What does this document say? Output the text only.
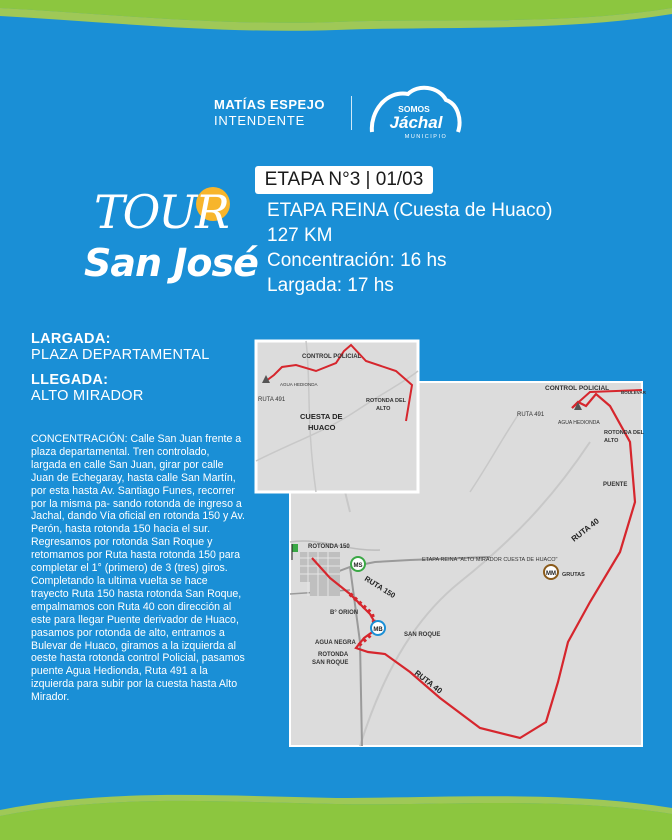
MATÍAS ESPEJO
INTENDENTE
SOMOS
Jáchal
MUNICIPIO
TOUR
San José
ETAPA N°3 | 01/03
ETAPA REINA (Cuesta de Huaco)
127 KM
Concentración: 16 hs
Largada: 17 hs
LARGADA:
PLAZA DEPARTAMENTAL
LLEGADA:
ALTO MIRADOR
CONCENTRACIÓN: Calle San Juan frente a plaza departamental. Tren controlado, largada en calle San Juan, girar por calle Juan de Echegaray, hasta calle San Martín, por esta hasta Av. Santiago Funes, recorrer por la misma pa- sando rotonda de ingreso a Jachal, dando Vía oficial en rotonda 150 y Av. Perón, hasta rotonda 150 hacia el sur. Regresamos por rotonda San Roque y retomamos por Ruta hasta rotonda 150 para completar el 1° (primero) de 3 (tres) giros. Completando la ultima vuelta se hace trayecto Ruta 150 hasta rotonda San Roque, empalmamos con Ruta 40 con dirección al este para llegar Puente derivador de Huaco, pasamos por rotonda de alto, entramos a Bulevar de Huaco, giramos a la izquierda al oeste hasta rotonda control Policial, pasamos puente Agua Hedionda, Ruta 491 a la izquierda para subir por la cuesta hasta Alto Mirador.
CONTROL POLICIAL
BOULEVAR
RUTA 491
AGUA HEDIONDA
ROTONDA DEL
ALTO
PUENTE
RUTA 40
RUTA 40
ETAPA REINA "ALTO MIRADOR CUESTA DE HUACO"
GRUTAS
ROTONDA 150
B° ORION
RUTA 150
SAN ROQUE
AGUA NEGRA
ROTONDA
SAN ROQUE
MS
MB
MM
CONTROL POLICIAL
AGUA HEDIONDA
RUTA 491
CUESTA DE
HUACO
ROTONDA DEL
ALTO
